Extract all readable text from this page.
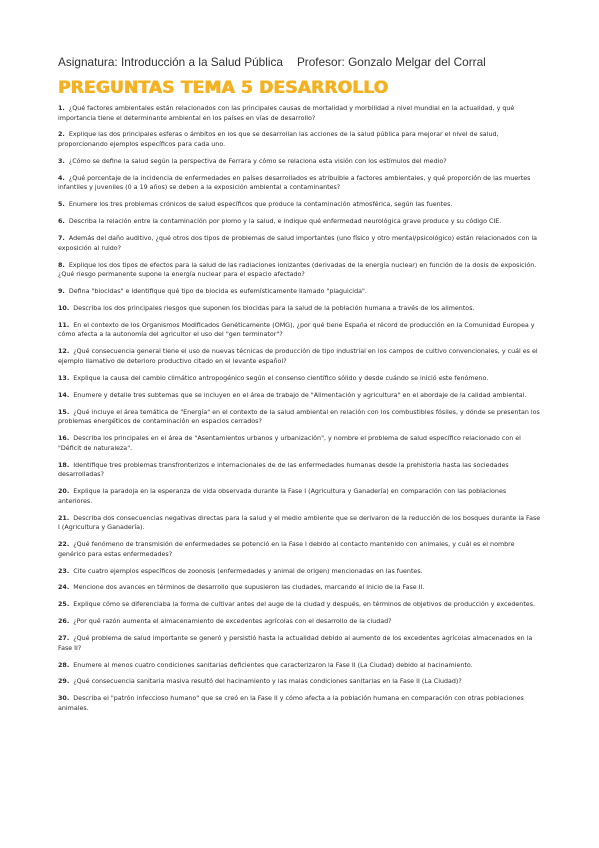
Asignatura: Introducción a la Salud Pública Profesor: Gonzalo Melgar del Corral
PREGUNTAS TEMA 5 DESARROLLO
1. ¿Qué factores ambientales están relacionados con las principales causas de mortalidad y morbilidad a nivel mundial en la actualidad, y qué importancia tiene el determinante ambiental en los países en vías de desarrollo?
2. Explique las dos principales esferas o ámbitos en los que se desarrollan las acciones de la salud pública para mejorar el nivel de salud, proporcionando ejemplos específicos para cada uno.
3. ¿Cómo se define la salud según la perspectiva de Ferrara y cómo se relaciona esta visión con los estímulos del medio?
4. ¿Qué porcentaje de la incidencia de enfermedades en países desarrollados es atribuible a factores ambientales, y qué proporción de las muertes infantiles y juveniles (0 a 19 años) se deben a la exposición ambiental a contaminantes?
5. Enumere los tres problemas crónicos de salud específicos que produce la contaminación atmosférica, según las fuentes.
6. Describa la relación entre la contaminación por plomo y la salud, e indique qué enfermedad neurológica grave produce y su código CIE.
7. Además del daño auditivo, ¿qué otros dos tipos de problemas de salud importantes (uno físico y otro mental/psicológico) están relacionados con la exposición al ruido?
8. Explique los dos tipos de efectos para la salud de las radiaciones ionizantes (derivadas de la energía nuclear) en función de la dosis de exposición. ¿Qué riesgo permanente supone la energía nuclear para el espacio afectado?
9. Defina "biocidas" e identifique qué tipo de biocida es eufemísticamente llamado "plaguicida".
10. Describa los dos principales riesgos que suponen los biocidas para la salud de la población humana a través de los alimentos.
11. En el contexto de los Organismos Modificados Genéticamente (OMG), ¿por qué tiene España el récord de producción en la Comunidad Europea y cómo afecta a la autonomía del agricultor el uso del "gen terminator"?
12. ¿Qué consecuencia general tiene el uso de nuevas técnicas de producción de tipo industrial en los campos de cultivo convencionales, y cuál es el ejemplo llamativo de deterioro productivo citado en el levante español?
13. Explique la causa del cambio climático antropogénico según el consenso científico sólido y desde cuándo se inició este fenómeno.
14. Enumere y detalle tres subtemas que se incluyen en el área de trabajo de "Alimentación y agricultura" en el abordaje de la calidad ambiental.
15. ¿Qué incluye el área temática de "Energía" en el contexto de la salud ambiental en relación con los combustibles fósiles, y dónde se presentan los problemas energéticos de contaminación en espacios cerrados?
16. Describa los principales en el área de "Asentamientos urbanos y urbanización", y nombre el problema de salud específico relacionado con el "Déficit de naturaleza".
18. Identifique tres problemas transfronterizos e internacionales de de las enfermedades humanas desde la prehistoria hasta las sociedades desarrolladas?
20. Explique la paradoja en la esperanza de vida observada durante la Fase I (Agricultura y Ganadería) en comparación con las poblaciones anteriores.
21. Describa dos consecuencias negativas directas para la salud y el medio ambiente que se derivaron de la reducción de los bosques durante la Fase I (Agricultura y Ganadería).
22. ¿Qué fenómeno de transmisión de enfermedades se potenció en la Fase I debido al contacto mantenido con animales, y cuál es el nombre genérico para estas enfermedades?
23. Cite cuatro ejemplos específicos de zoonosis (enfermedades y animal de origen) mencionadas en las fuentes.
24. Mencione dos avances en términos de desarrollo que supusieron las ciudades, marcando el inicio de la Fase II.
25. Explique cómo se diferenciaba la forma de cultivar antes del auge de la ciudad y después, en términos de objetivos de producción y excedentes.
26. ¿Por qué razón aumenta el almacenamiento de excedentes agrícolas con el desarrollo de la ciudad?
27. ¿Qué problema de salud importante se generó y persistió hasta la actualidad debido al aumento de los excedentes agrícolas almacenados en la Fase II?
28. Enumere al menos cuatro condiciones sanitarias deficientes que caracterizaron la Fase II (La Ciudad) debido al hacinamiento.
29. ¿Qué consecuencia sanitaria masiva resultó del hacinamiento y las malas condiciones sanitarias en la Fase II (La Ciudad)?
30. Describa el "patrón infeccioso humano" que se creó en la Fase II y cómo afecta a la población humana en comparación con otras poblaciones animales.
